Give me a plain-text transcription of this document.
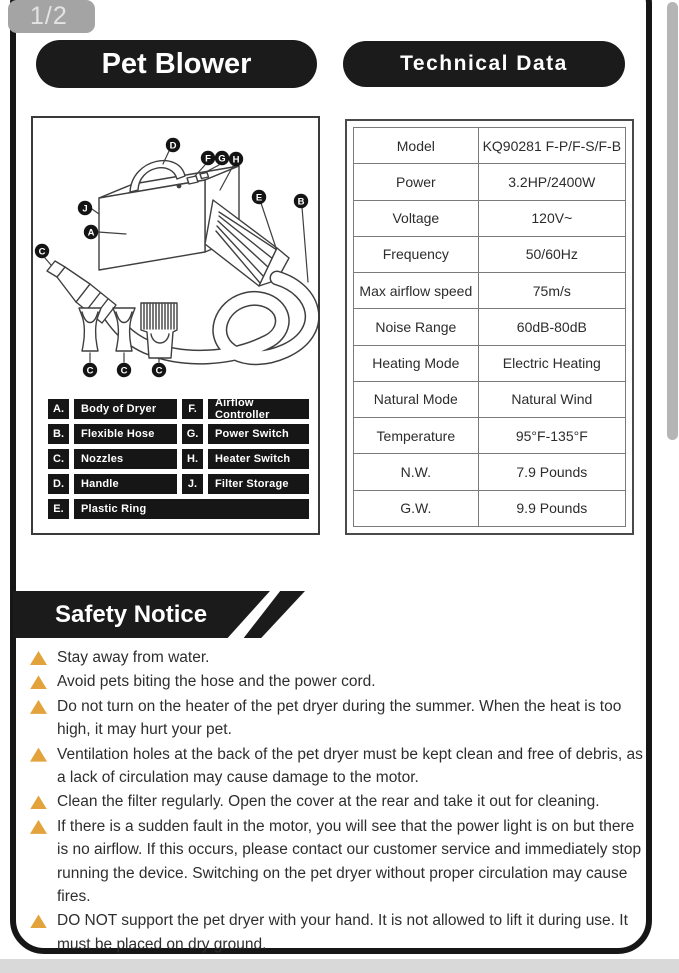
1/2
Pet Blower	Technical Data
D
F G H
J
A
E	B
C
C	C	C
A.	Body of Dryer	F.	Airflow Controller
B.	Flexible Hose	G.	Power Switch
C.	Nozzles	H.	Heater Switch
D.	Handle	J.	Filter Storage
E.	Plastic Ring
Model	KQ90281 F-P/F-S/F-B
Power	3.2HP/2400W
Voltage	120V~
Frequency	50/60Hz
Max airflow speed	75m/s
Noise Range	60dB-80dB
Heating Mode	Electric Heating
Natural Mode	Natural Wind
Temperature	95°F-135°F
N.W.	7.9 Pounds
G.W.	9.9 Pounds
Safety Notice
Stay away from water.
Avoid pets biting the hose and the power cord.
Do not turn on the heater of the pet dryer during the summer. When the heat is too high, it may hurt your pet.
Ventilation holes at the back of the pet dryer must be kept clean and free of debris, as a lack of circulation may cause damage to the motor.
Clean the filter regularly. Open the cover at the rear and take it out for cleaning.
If there is a sudden fault in the motor, you will see that the power light is on but there is no airflow. If this occurs, please contact our customer service and immediately stop running the device. Switching on the pet dryer without proper circulation may cause fires.
DO NOT support the pet dryer with your hand. It is not allowed to lift it during use. It must be placed on dry ground.
